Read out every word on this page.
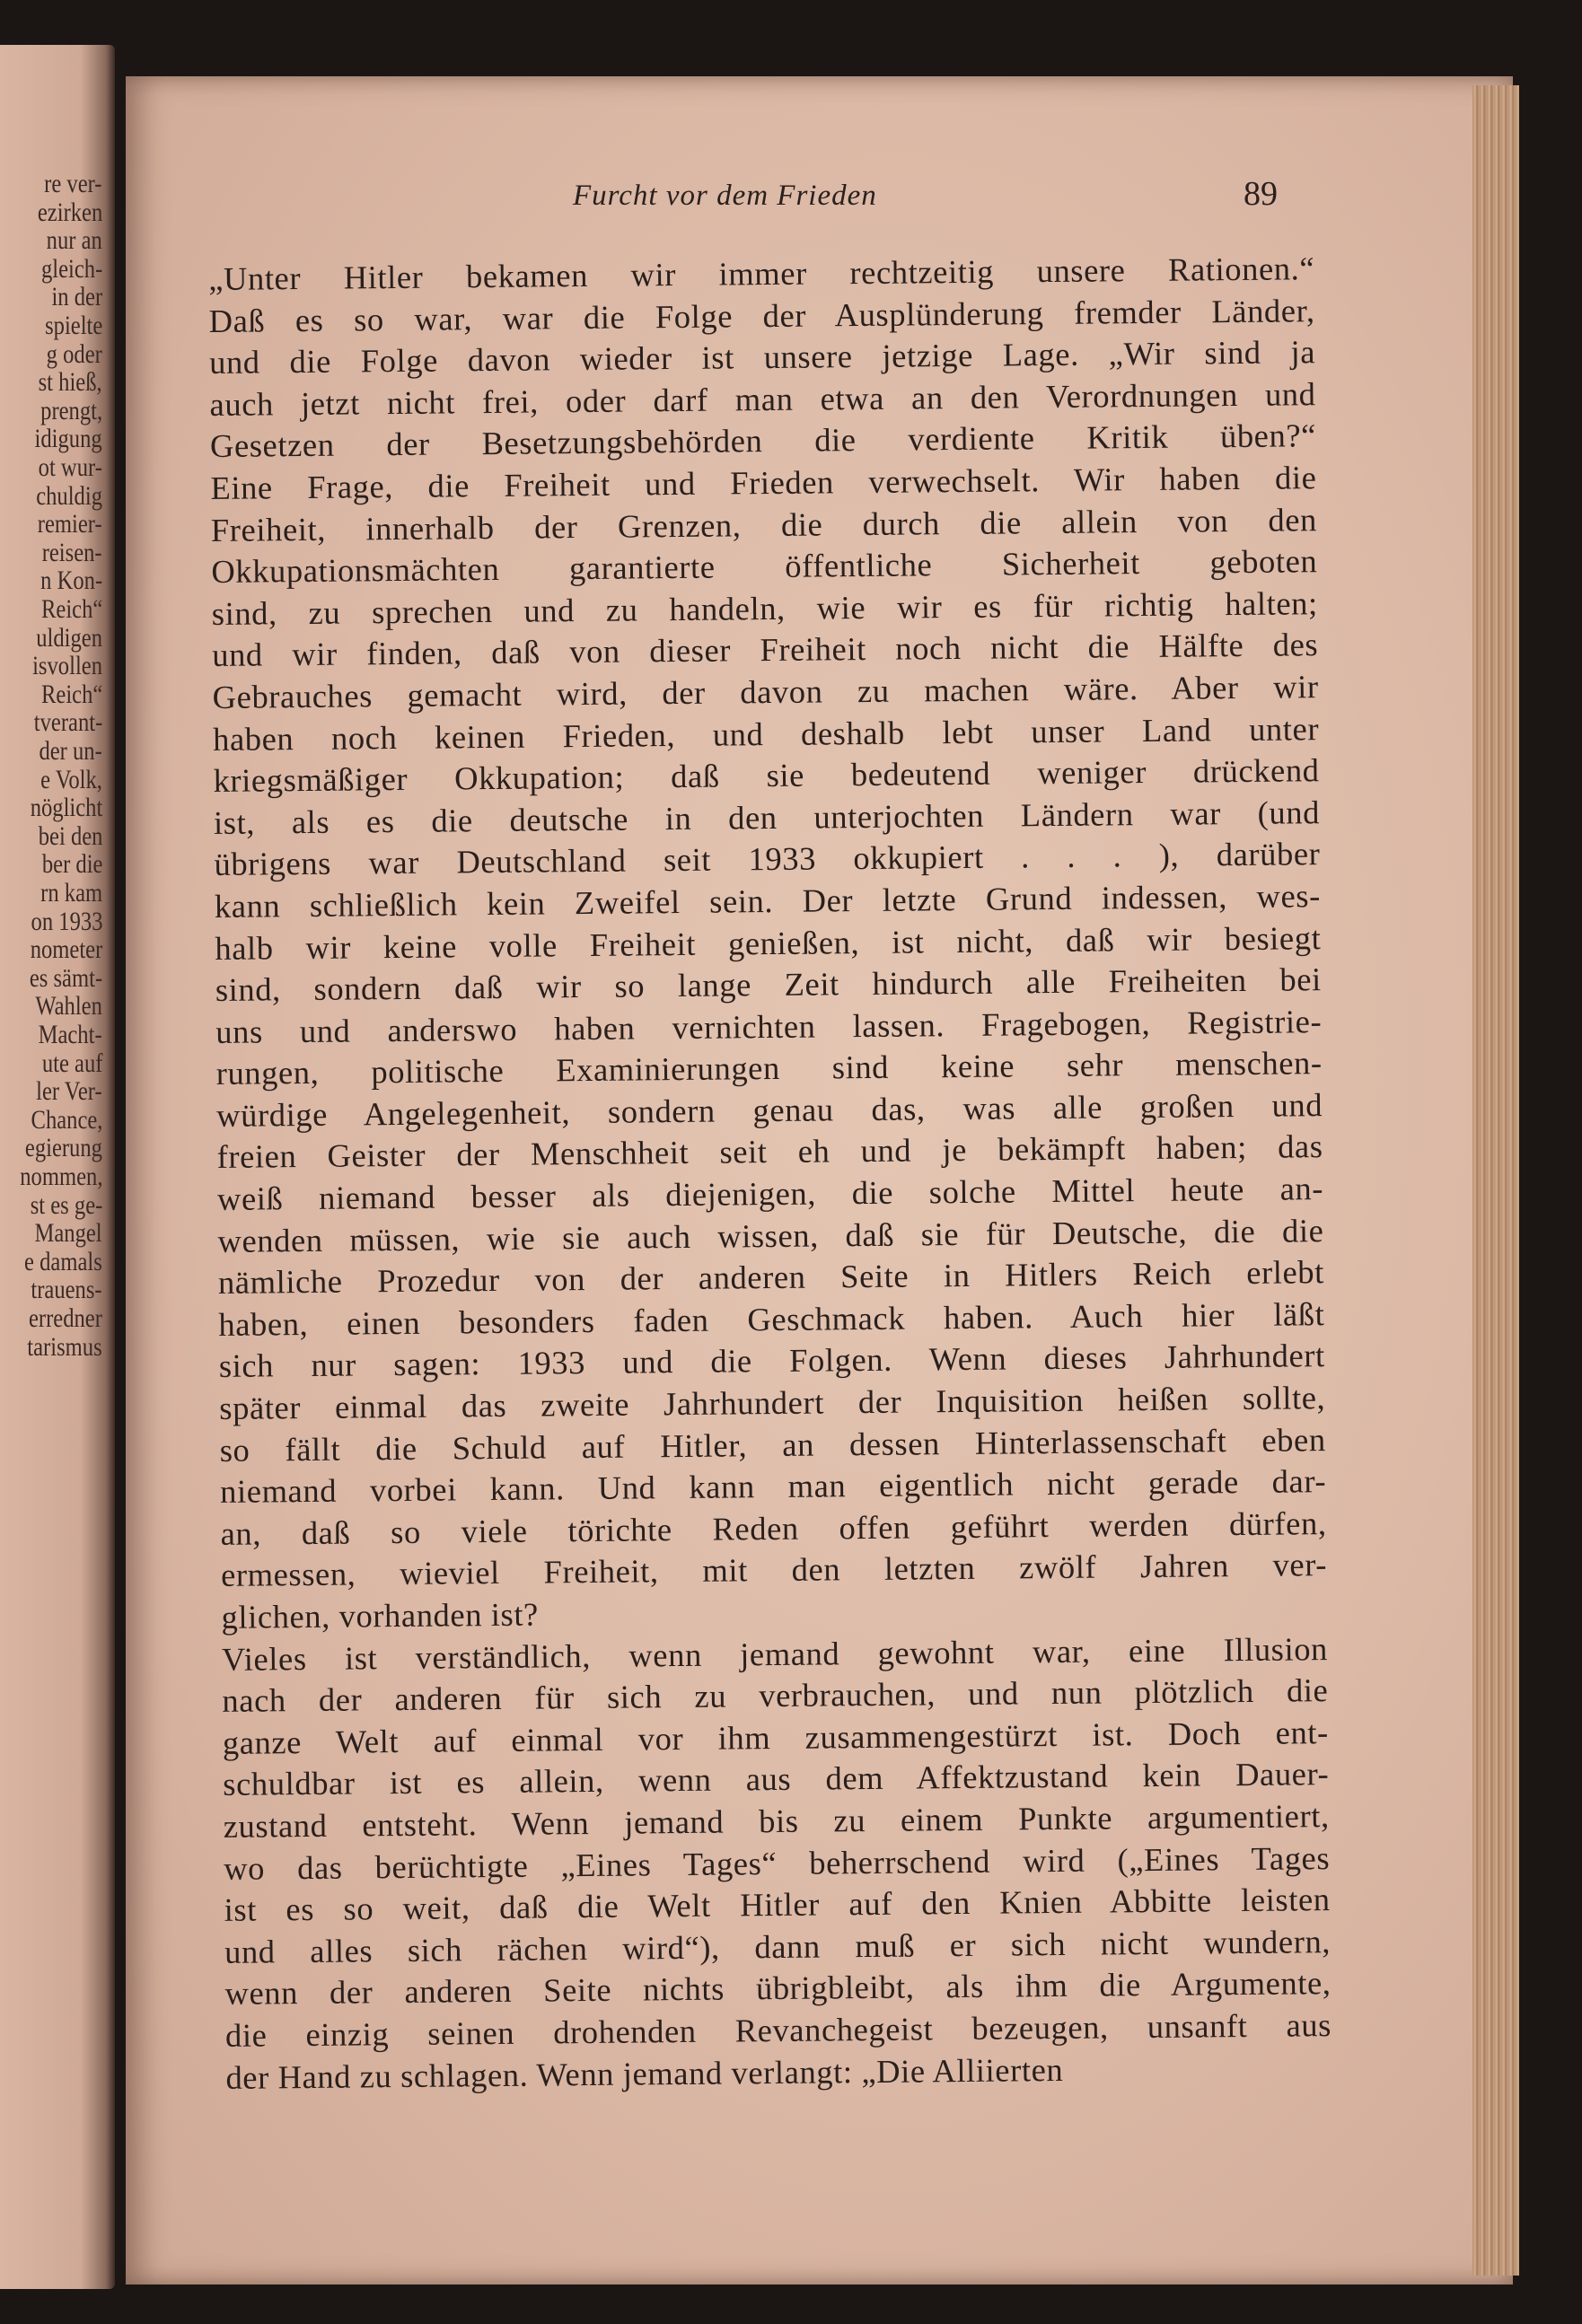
re ver-
ezirken
nur an
gleich-
in der
spielte
g oder
st hieß,
prengt,
idigung
ot wur-
chuldig
remier-
reisen-
n Kon-
Reich“
uldigen
isvollen
Reich“
tverant-
der un-
e Volk,
nöglicht
bei den
ber die
rn kam
on 1933
nometer
es sämt-
Wahlen
Macht-
ute auf
ler Ver-
Chance,
egierung
nommen,
st es ge-
Mangel
e damals
trauens-
erredner
tarismus
Furcht vor dem Frieden	89
„Unter Hitler bekamen wir immer rechtzeitig unsere Rationen.“
Daß es so war, war die Folge der Ausplünderung fremder Länder,
und die Folge davon wieder ist unsere jetzige Lage. „Wir sind ja
auch jetzt nicht frei, oder darf man etwa an den Verordnungen und
Gesetzen der Besetzungsbehörden die verdiente Kritik üben?“
Eine Frage, die Freiheit und Frieden verwechselt. Wir haben die
Freiheit, innerhalb der Grenzen, die durch die allein von den
Okkupationsmächten garantierte öffentliche Sicherheit geboten
sind, zu sprechen und zu handeln, wie wir es für richtig halten;
und wir finden, daß von dieser Freiheit noch nicht die Hälfte des
Gebrauches gemacht wird, der davon zu machen wäre. Aber wir
haben noch keinen Frieden, und deshalb lebt unser Land unter
kriegsmäßiger Okkupation; daß sie bedeutend weniger drückend
ist, als es die deutsche in den unterjochten Ländern war (und
übrigens war Deutschland seit 1933 okkupiert . . . ), darüber
kann schließlich kein Zweifel sein. Der letzte Grund indessen, wes-
halb wir keine volle Freiheit genießen, ist nicht, daß wir besiegt
sind, sondern daß wir so lange Zeit hindurch alle Freiheiten bei
uns und anderswo haben vernichten lassen. Fragebogen, Registrie-
rungen, politische Examinierungen sind keine sehr menschen-
würdige Angelegenheit, sondern genau das, was alle großen und
freien Geister der Menschheit seit eh und je bekämpft haben; das
weiß niemand besser als diejenigen, die solche Mittel heute an-
wenden müssen, wie sie auch wissen, daß sie für Deutsche, die die
nämliche Prozedur von der anderen Seite in Hitlers Reich erlebt
haben, einen besonders faden Geschmack haben. Auch hier läßt
sich nur sagen: 1933 und die Folgen. Wenn dieses Jahrhundert
später einmal das zweite Jahrhundert der Inquisition heißen sollte,
so fällt die Schuld auf Hitler, an dessen Hinterlassenschaft eben
niemand vorbei kann. Und kann man eigentlich nicht gerade dar-
an, daß so viele törichte Reden offen geführt werden dürfen,
ermessen, wieviel Freiheit, mit den letzten zwölf Jahren ver-
glichen, vorhanden ist?
Vieles ist verständlich, wenn jemand gewohnt war, eine Illusion
nach der anderen für sich zu verbrauchen, und nun plötzlich die
ganze Welt auf einmal vor ihm zusammengestürzt ist. Doch ent-
schuldbar ist es allein, wenn aus dem Affektzustand kein Dauer-
zustand entsteht. Wenn jemand bis zu einem Punkte argumentiert,
wo das berüchtigte „Eines Tages“ beherrschend wird („Eines Tages
ist es so weit, daß die Welt Hitler auf den Knien Abbitte leisten
und alles sich rächen wird“), dann muß er sich nicht wundern,
wenn der anderen Seite nichts übrigbleibt, als ihm die Argumente,
die einzig seinen drohenden Revanchegeist bezeugen, unsanft aus
der Hand zu schlagen. Wenn jemand verlangt: „Die Alliierten
